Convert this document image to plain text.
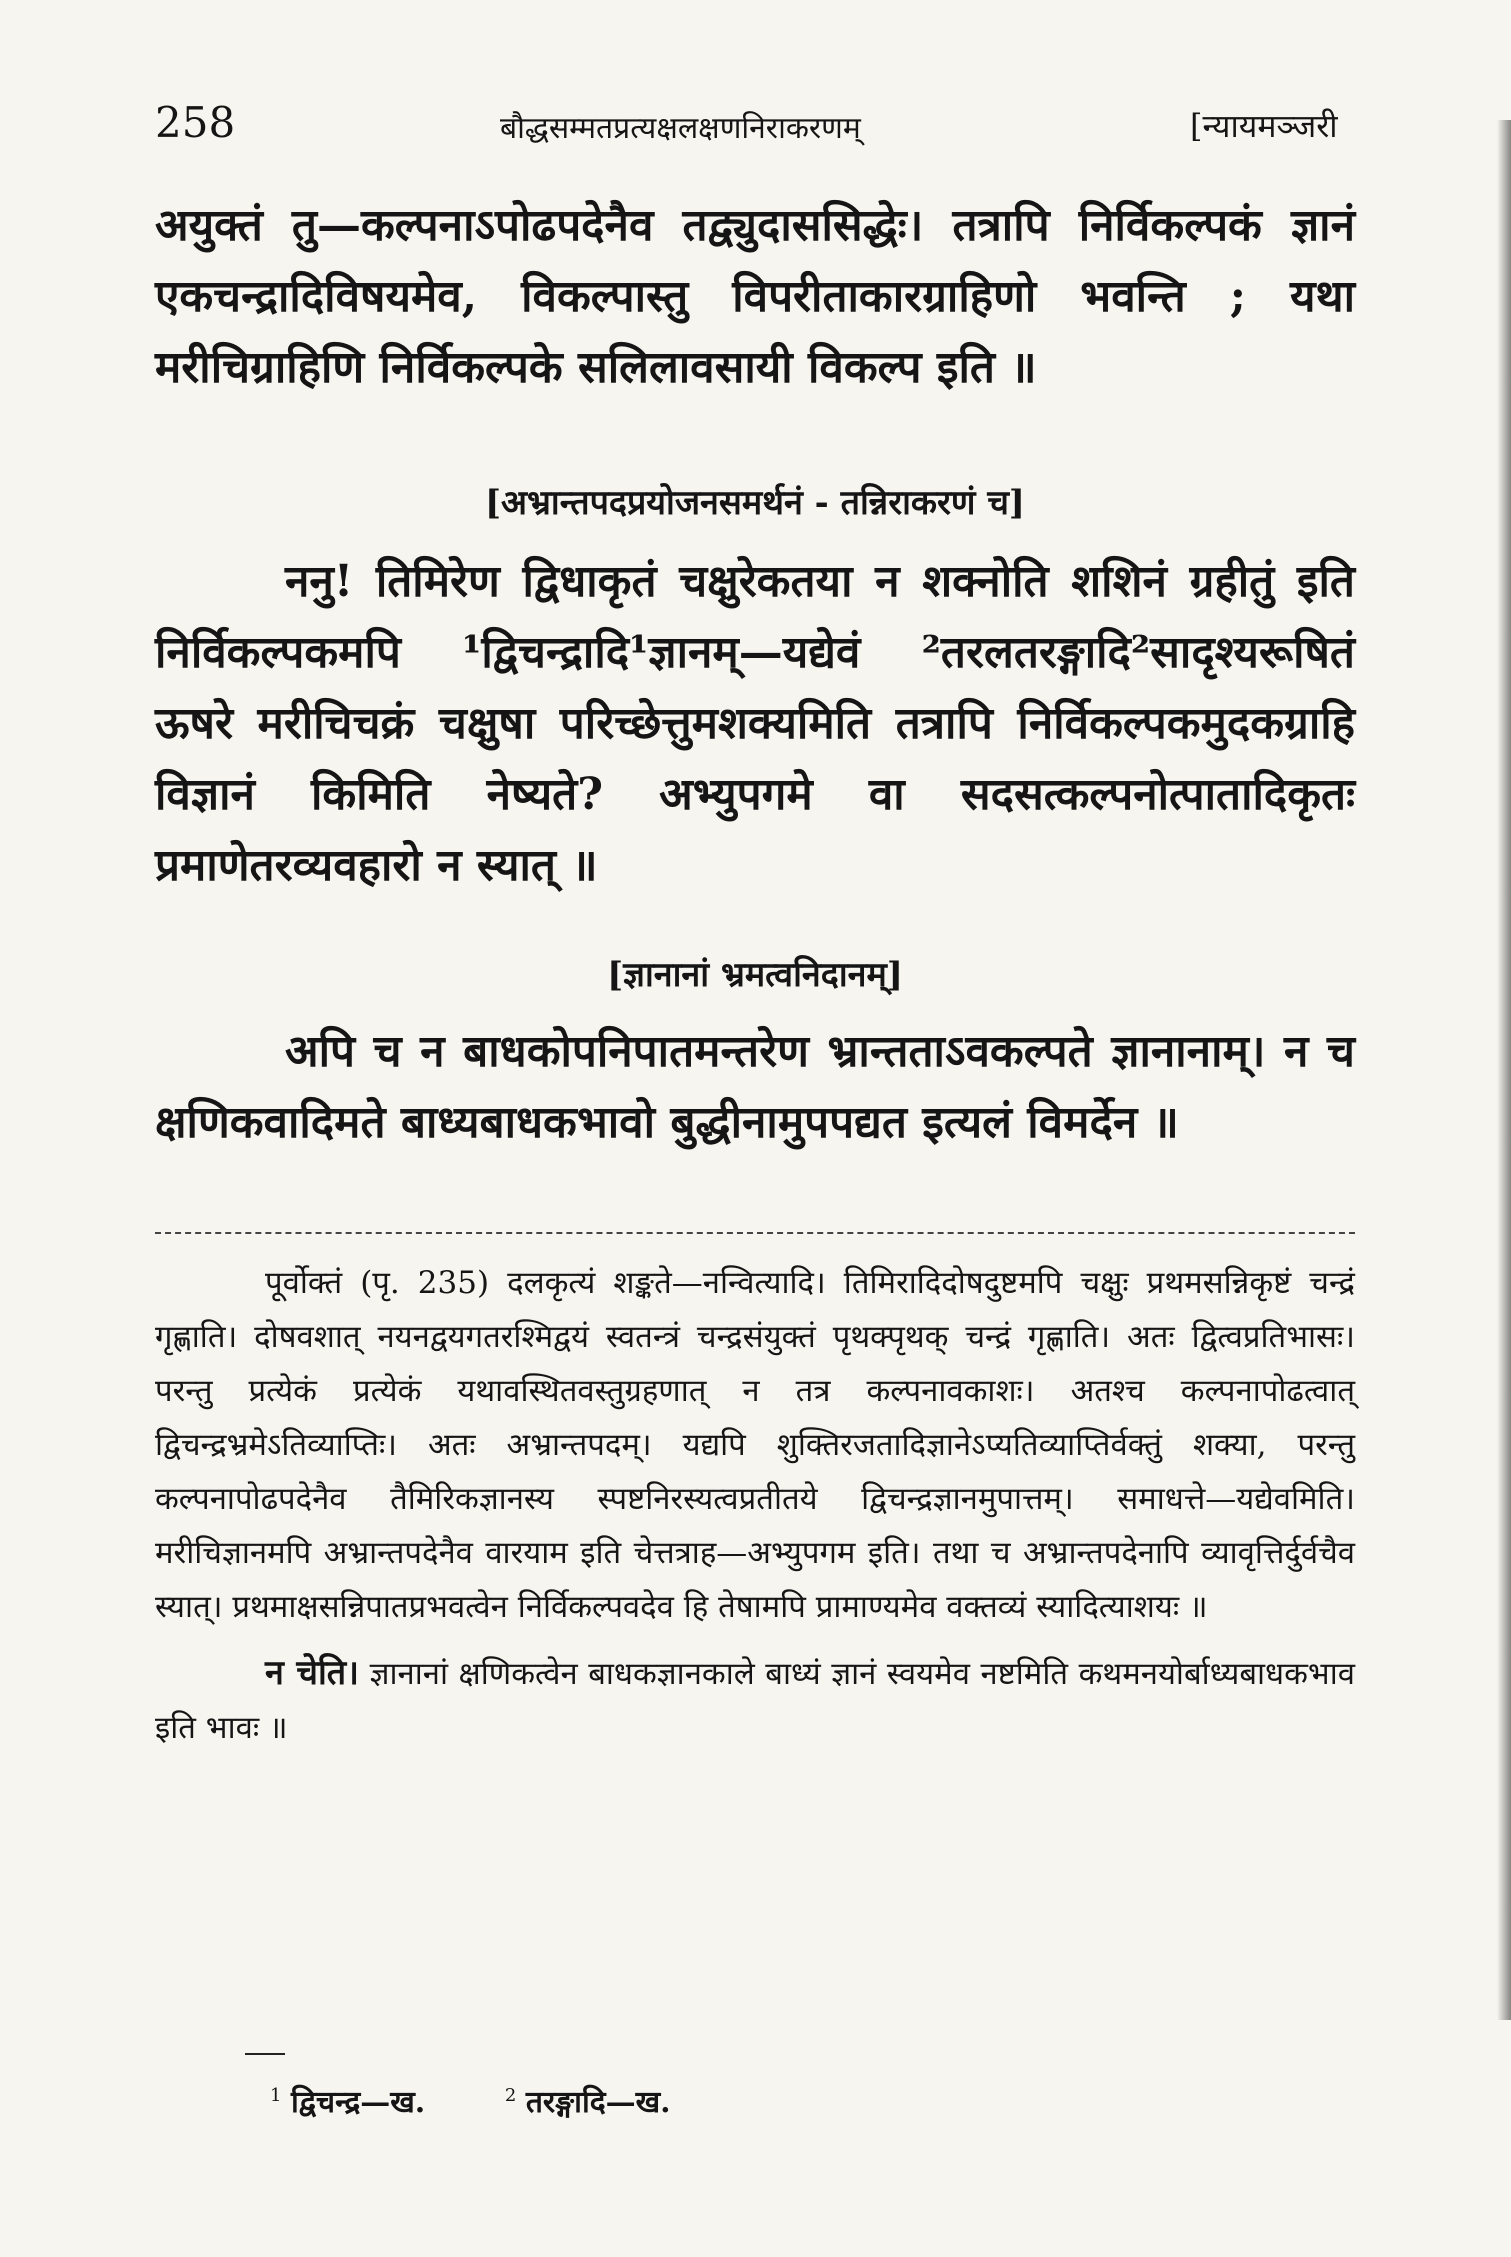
258	बौद्धसम्मतप्रत्यक्षलक्षणनिराकरणम्	[न्यायमञ्जरी

अयुक्तं तु—कल्पनाऽपोढपदेनैव तद्व्युदाससिद्धेः। तत्रापि निर्विकल्पकं ज्ञानं एकचन्द्रादिविषयमेव, विकल्पास्तु विपरीताकारग्राहिणो भवन्ति ; यथा मरीचिग्राहिणि निर्विकल्पके सलिलावसायी विकल्प इति ॥

[अभ्रान्तपदप्रयोजनसमर्थनं - तन्निराकरणं च]

ननु! तिमिरेण द्विधाकृतं चक्षुरेकतया न शक्नोति शशिनं ग्रहीतुं इति निर्विकल्पकमपि ¹द्विचन्द्रादि¹ज्ञानम्—यद्येवं ²तरलतरङ्गादि²सादृश्यरूषितं ऊषरे मरीचिचक्रं चक्षुषा परिच्छेत्तुमशक्यमिति तत्रापि निर्विकल्पकमुदकग्राहि विज्ञानं किमिति नेष्यते? अभ्युपगमे वा सदसत्कल्पनोत्पातादिकृतः प्रमाणेतरव्यवहारो न स्यात् ॥

[ज्ञानानां भ्रमत्वनिदानम्]

अपि च न बाधकोपनिपातमन्तरेण भ्रान्तताऽवकल्पते ज्ञानानाम्। न च क्षणिकवादिमते बाध्यबाधकभावो बुद्धीनामुपपद्यत इत्यलं विमर्देन ॥

पूर्वोक्तं (पृ. 235) दलकृत्यं शङ्कते—नन्वित्यादि। तिमिरादिदोषदुष्टमपि चक्षुः प्रथमसन्निकृष्टं चन्द्रं गृह्णाति। दोषवशात् नयनद्वयगतरश्मिद्वयं स्वतन्त्रं चन्द्रसंयुक्तं पृथक्पृथक् चन्द्रं गृह्णाति। अतः द्वित्वप्रतिभासः। परन्तु प्रत्येकं प्रत्येकं यथावस्थितवस्तुग्रहणात् न तत्र कल्पनावकाशः। अतश्च कल्पनापोढत्वात् द्विचन्द्रभ्रमेऽतिव्याप्तिः। अतः अभ्रान्तपदम्। यद्यपि शुक्तिरजतादिज्ञानेऽप्यतिव्याप्तिर्वक्तुं शक्या, परन्तु कल्पनापोढपदेनैव तैमिरिकज्ञानस्य स्पष्टनिरस्यत्वप्रतीतये द्विचन्द्रज्ञानमुपात्तम्। समाधत्ते—यद्येवमिति। मरीचिज्ञानमपि अभ्रान्तपदेनैव वारयाम इति चेत्तत्राह—अभ्युपगम इति। तथा च अभ्रान्तपदेनापि व्यावृत्तिर्दुर्वचैव स्यात्। प्रथमाक्षसन्निपातप्रभवत्वेन निर्विकल्पवदेव हि तेषामपि प्रामाण्यमेव वक्तव्यं स्यादित्याशयः ॥

न चेति। ज्ञानानां क्षणिकत्वेन बाधकज्ञानकाले बाध्यं ज्ञानं स्वयमेव नष्टमिति कथमनयोर्बाध्यबाधकभाव इति भावः ॥

$^1$ द्विचन्द्र—ख.	$^2$ तरङ्गादि—ख.
